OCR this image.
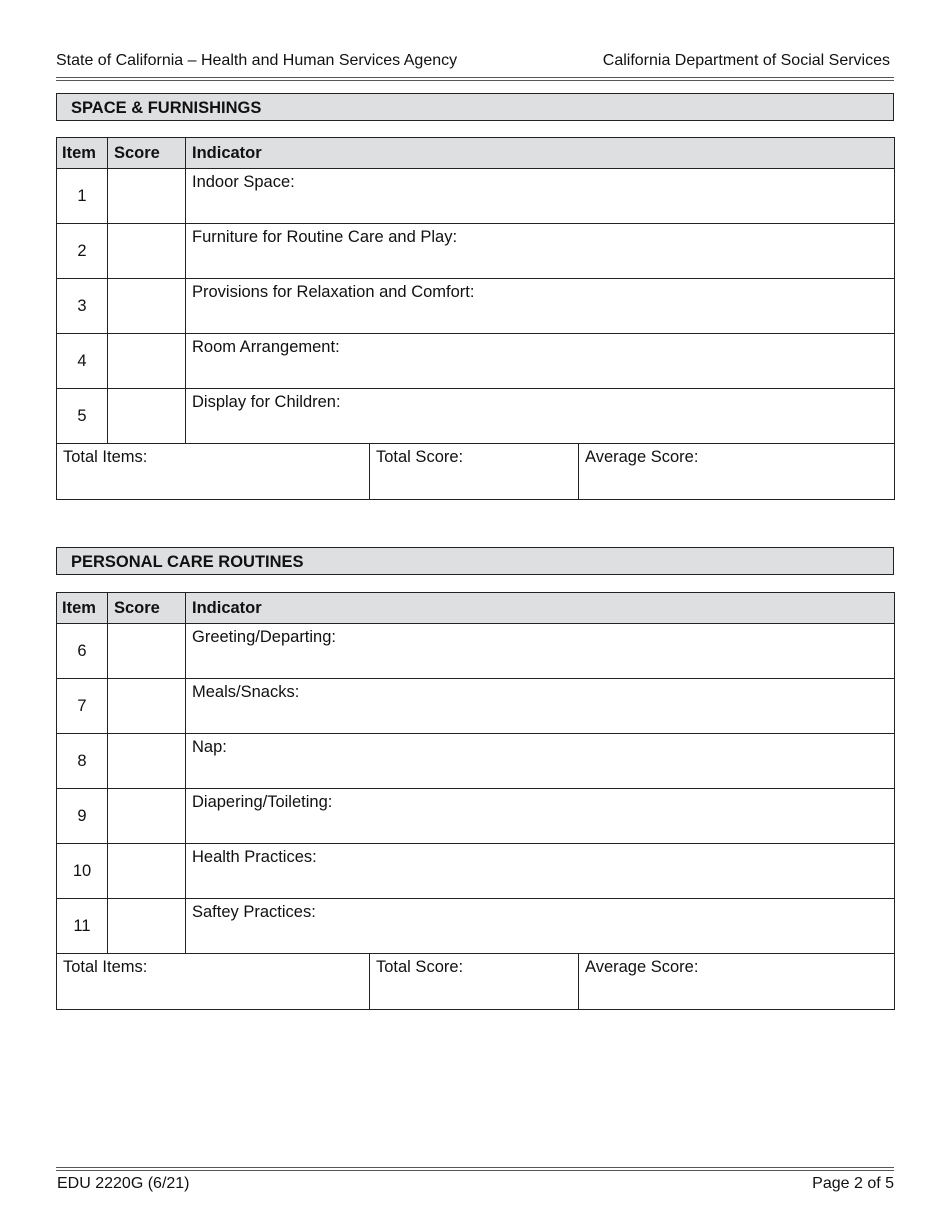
State of California – Health and Human Services Agency	California Department of Social Services
SPACE & FURNISHINGS
Item	Score	Indicator		
1		Indoor Space:		
2		Furniture for Routine Care and Play:		
3		Provisions for Relaxation and Comfort:		
4		Room Arrangement:		
5		Display for Children:		
Total Items:			Total Score:	Average Score:
PERSONAL CARE ROUTINES
Item	Score	Indicator		
6		Greeting/Departing:		
7		Meals/Snacks:		
8		Nap:		
9		Diapering/Toileting:		
10		Health Practices:		
11		Saftey Practices:		
Total Items:			Total Score:	Average Score:
EDU 2220G (6/21)	Page 2 of 5
